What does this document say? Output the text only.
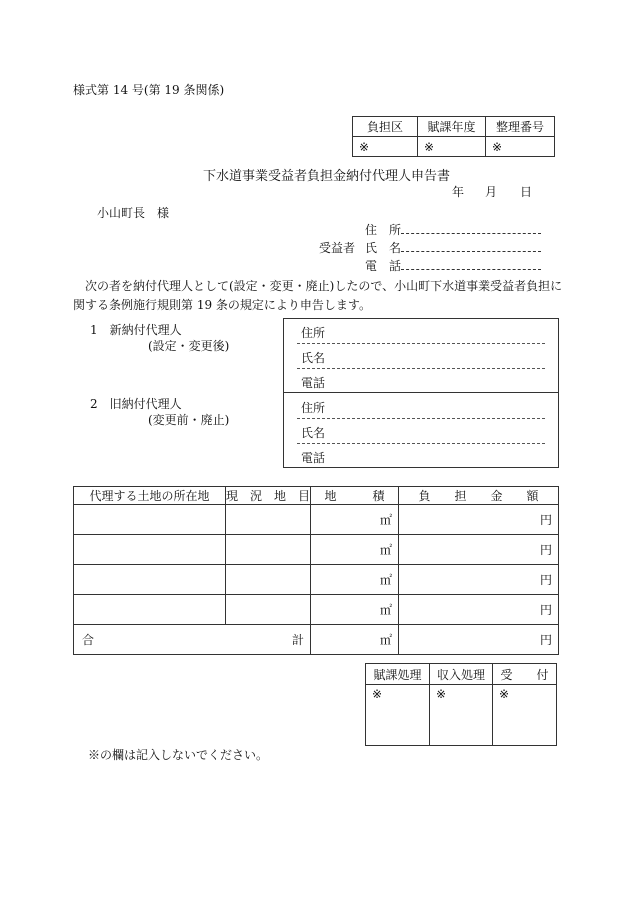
様式第 14 号(第 19 条関係)
負担区	賦課年度	整理番号
※	※	※
下水道事業受益者負担金納付代理人申告書
年 月 日
小山町長　様
受益者
住　所
氏　名
電　話
次の者を納付代理人として(設定・変更・廃止)したので、小山町下水道事業受益者負担に
関する条例施行規則第 19 条の規定により申告します。
1　 新納付代理人
(設定・変更後)
2　 旧納付代理人
(変更前・廃止)
住所
氏名
電話
住所
氏名
電話
代理する土地の所在地	現　況　地　目	地　　　積	負　　担　　金　　額
		㎡	円
		㎡	円
		㎡	円
		㎡	円

合 計		㎡	円
賦課処理	収入処理	受　　付
※	※	※
※の欄は記入しないでください。
